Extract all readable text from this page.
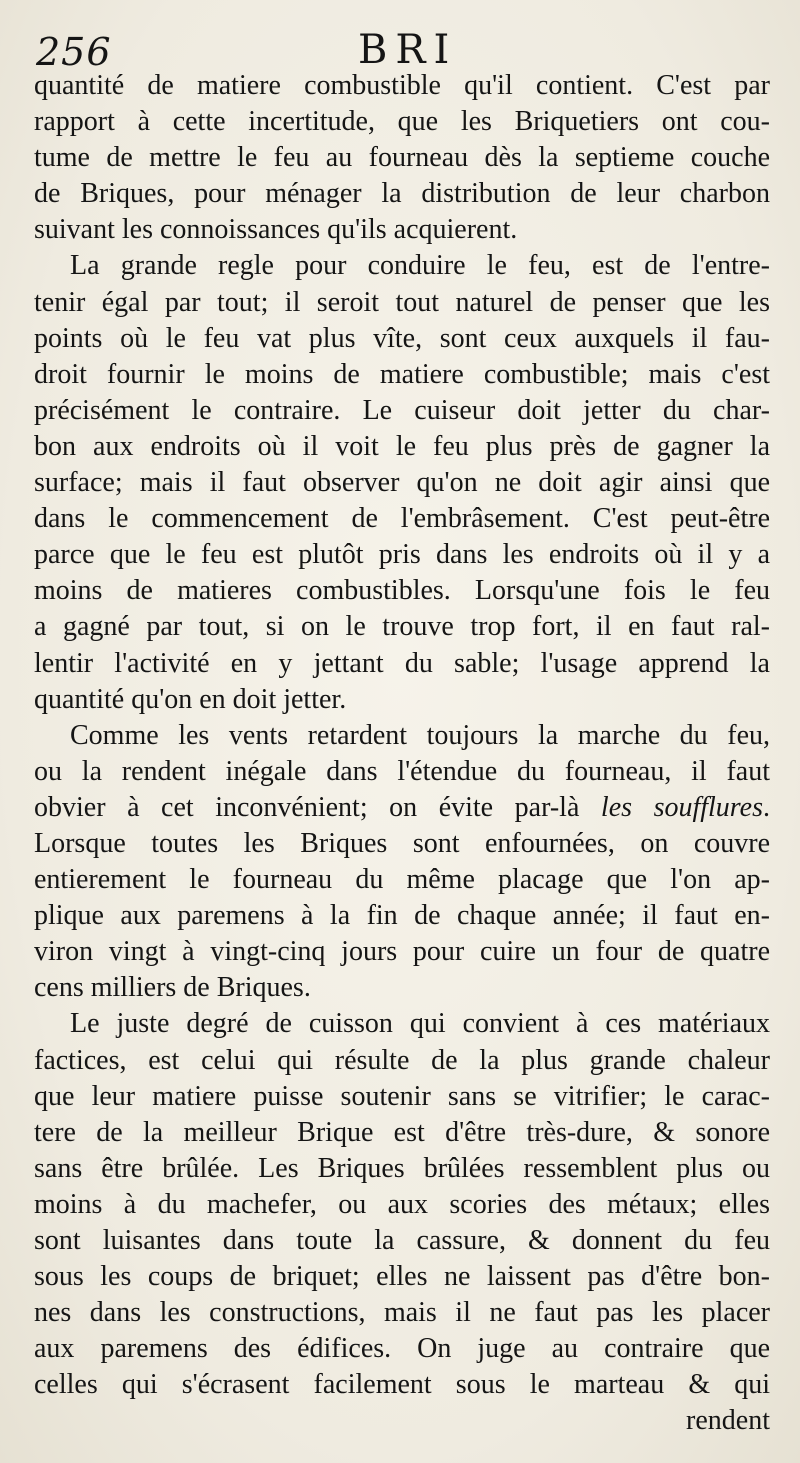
256	BRI
quantité de matiere combustible qu'il contient. C'est par
rapport à cette incertitude, que les Briquetiers ont cou-
tume de mettre le feu au fourneau dès la septieme couche
de Briques, pour ménager la distribution de leur charbon
suivant les connoissances qu'ils acquierent.
La grande regle pour conduire le feu, est de l'entre-
tenir égal par tout; il seroit tout naturel de penser que les
points où le feu vat plus vîte, sont ceux auxquels il fau-
droit fournir le moins de matiere combustible; mais c'est
précisément le contraire. Le cuiseur doit jetter du char-
bon aux endroits où il voit le feu plus près de gagner la
surface; mais il faut observer qu'on ne doit agir ainsi que
dans le commencement de l'embrâsement. C'est peut-être
parce que le feu est plutôt pris dans les endroits où il y a
moins de matieres combustibles. Lorsqu'une fois le feu
a gagné par tout, si on le trouve trop fort, il en faut ral-
lentir l'activité en y jettant du sable; l'usage apprend la
quantité qu'on en doit jetter.
Comme les vents retardent toujours la marche du feu,
ou la rendent inégale dans l'étendue du fourneau, il faut
obvier à cet inconvénient; on évite par-là les soufflures.
Lorsque toutes les Briques sont enfournées, on couvre
entierement le fourneau du même placage que l'on ap-
plique aux paremens à la fin de chaque année; il faut en-
viron vingt à vingt-cinq jours pour cuire un four de quatre
cens milliers de Briques.
Le juste degré de cuisson qui convient à ces matériaux
factices, est celui qui résulte de la plus grande chaleur
que leur matiere puisse soutenir sans se vitrifier; le carac-
tere de la meilleur Brique est d'être très-dure, & sonore
sans être brûlée. Les Briques brûlées ressemblent plus ou
moins à du machefer, ou aux scories des métaux; elles
sont luisantes dans toute la cassure, & donnent du feu
sous les coups de briquet; elles ne laissent pas d'être bon-
nes dans les constructions, mais il ne faut pas les placer
aux paremens des édifices. On juge au contraire que
celles qui s'écrasent facilement sous le marteau & qui
rendent
